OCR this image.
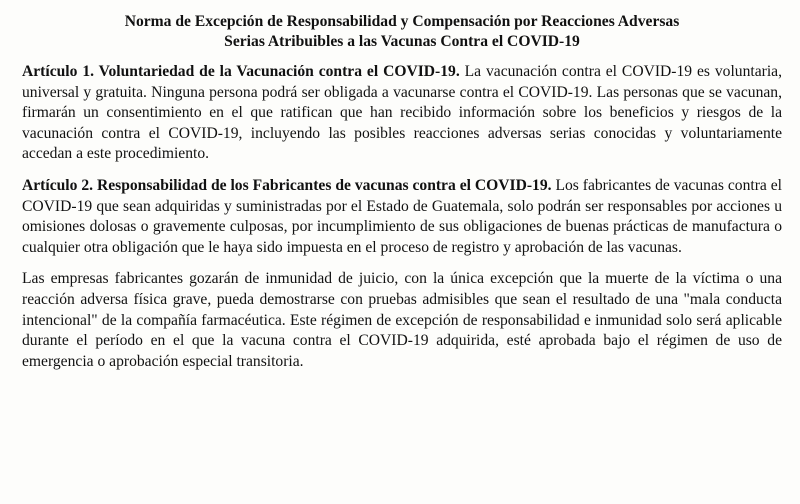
Norma de Excepción de Responsabilidad y Compensación por Reacciones Adversas
Serias Atribuibles a las Vacunas Contra el COVID-19

Artículo 1. Voluntariedad de la Vacunación contra el COVID-19. La vacunación contra el COVID-19 es voluntaria, universal y gratuita. Ninguna persona podrá ser obligada a vacunarse contra el COVID-19. Las personas que se vacunan, firmarán un consentimiento en el que ratifican que han recibido información sobre los beneficios y riesgos de la vacunación contra el COVID-19, incluyendo las posibles reacciones adversas serias conocidas y voluntariamente accedan a este procedimiento.

Artículo 2. Responsabilidad de los Fabricantes de vacunas contra el COVID-19. Los fabricantes de vacunas contra el COVID-19 que sean adquiridas y suministradas por el Estado de Guatemala, solo podrán ser responsables por acciones u omisiones dolosas o gravemente culposas, por incumplimiento de sus obligaciones de buenas prácticas de manufactura o cualquier otra obligación que le haya sido impuesta en el proceso de registro y aprobación de las vacunas.

Las empresas fabricantes gozarán de inmunidad de juicio, con la única excepción que la muerte de la víctima o una reacción adversa física grave, pueda demostrarse con pruebas admisibles que sean el resultado de una "mala conducta intencional" de la compañía farmacéutica. Este régimen de excepción de responsabilidad e inmunidad solo será aplicable durante el período en el que la vacuna contra el COVID-19 adquirida, esté aprobada bajo el régimen de uso de emergencia o aprobación especial transitoria.
